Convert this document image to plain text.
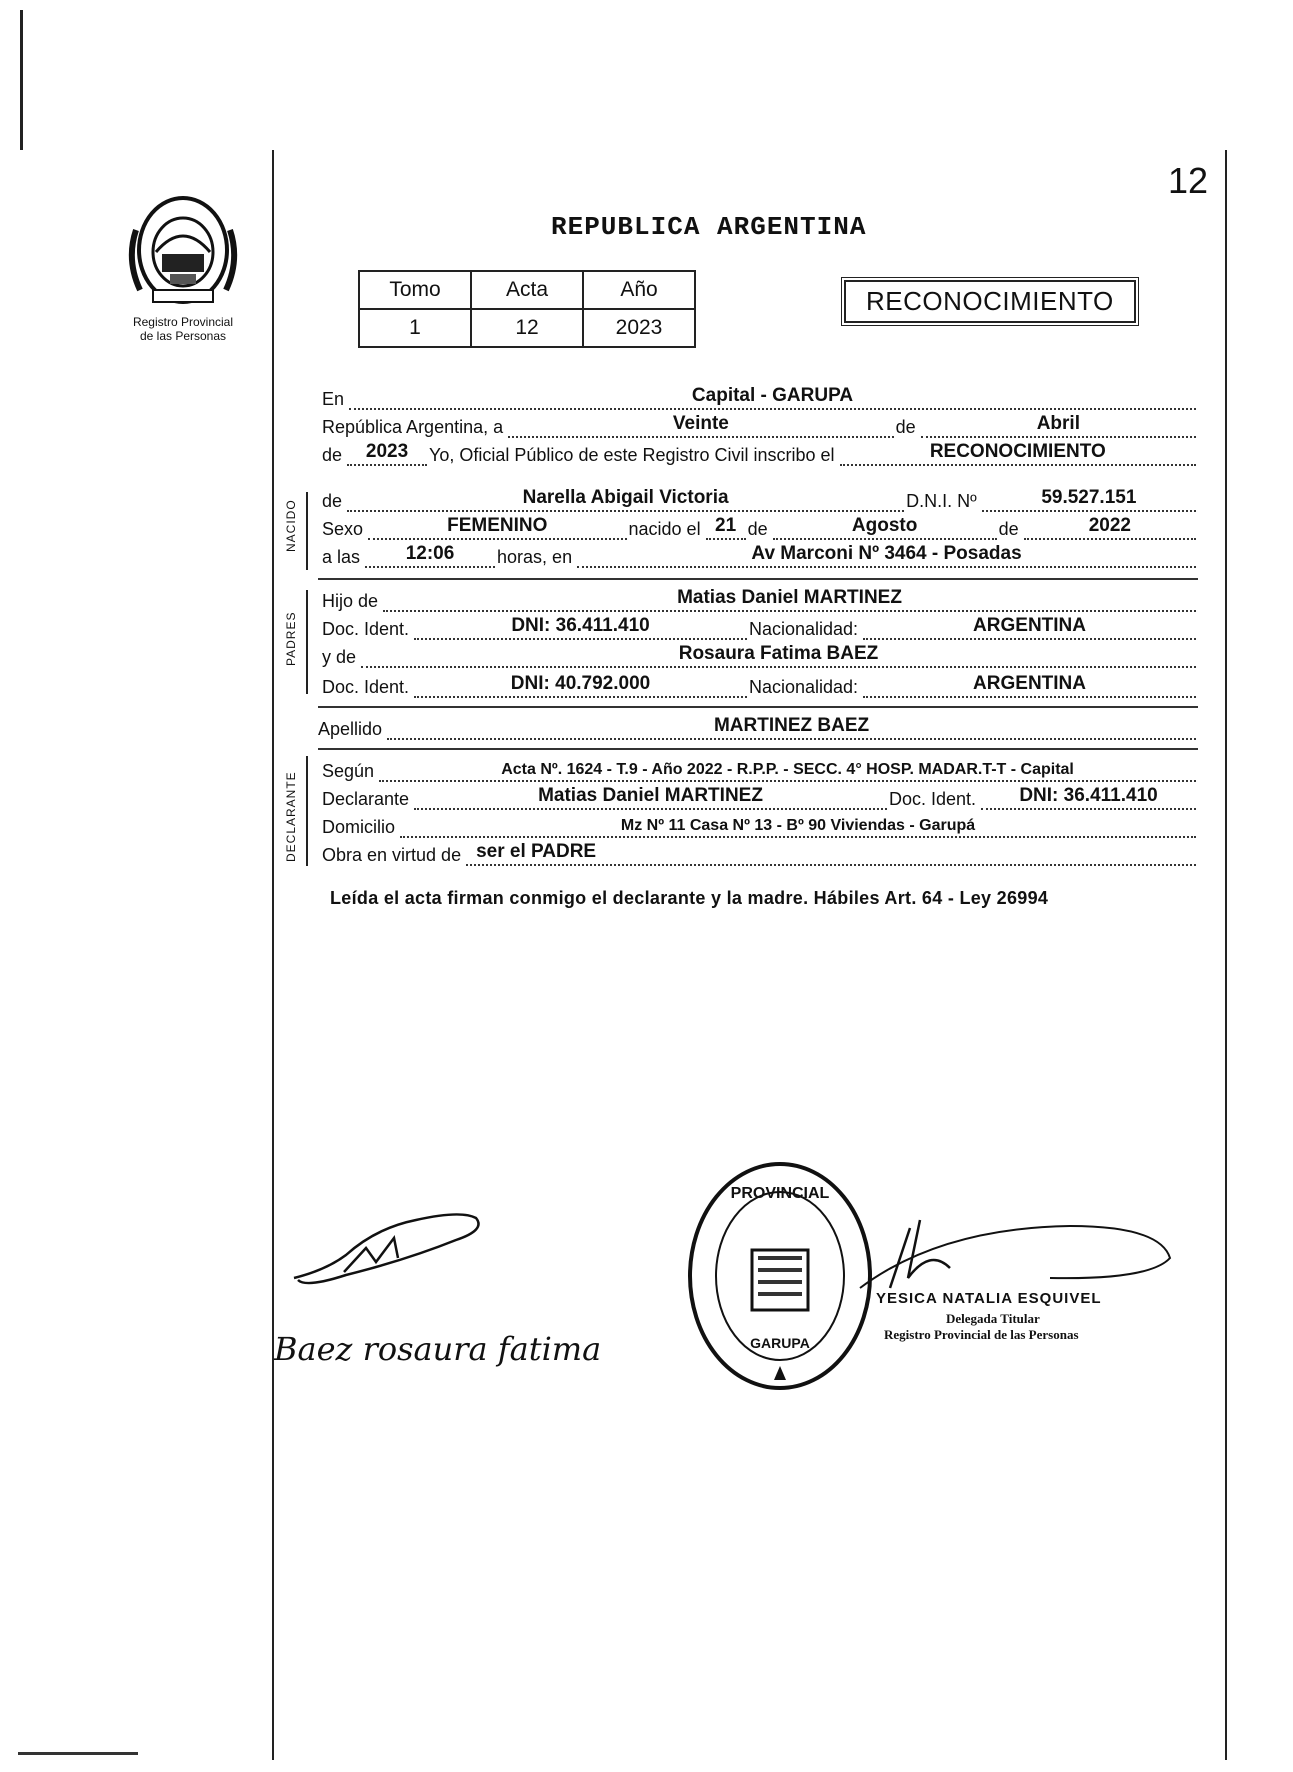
12
Registro Provincial
de las Personas
REPUBLICA ARGENTINA
Tomo	Acta	Año
1	12	2023
RECONOCIMIENTO
NACIDO
PADRES
DECLARANTE
En	Capital - GARUPA
República Argentina, a	Veinte	de	Abril
de 2023 Yo, Oficial Público de este Registro Civil inscribo el	RECONOCIMIENTO
de	Narella Abigail Victoria	D.N.I. Nº	59.527.151
Sexo	FEMENINO	nacido el 21 de	Agosto	de	2022
a las 12:06 horas, en	Av Marconi Nº 3464 - Posadas
Hijo de	Matias Daniel MARTINEZ
Doc. Ident.	DNI: 36.411.410	Nacionalidad:	ARGENTINA
y de	Rosaura Fatima BAEZ
Doc. Ident.	DNI: 40.792.000	Nacionalidad:	ARGENTINA
Apellido	MARTINEZ BAEZ
Según	Acta Nº. 1624 - T.9 - Año 2022 - R.P.P. - SECC. 4° HOSP. MADAR.T-T - Capital
Declarante	Matias Daniel MARTINEZ	Doc. Ident. DNI: 36.411.410
Domicilio	Mz Nº 11 Casa Nº 13 - Bº 90 Viviendas - Garupá
Obra en virtud de ser el PADRE
Leída el acta firman conmigo el declarante y la madre. Hábiles Art. 64 - Ley 26994
Baez rosaura fatima
PROVINCIAL
GARUPA
YESICA NATALIA ESQUIVEL
Delegada Titular
Registro Provincial de las Personas
